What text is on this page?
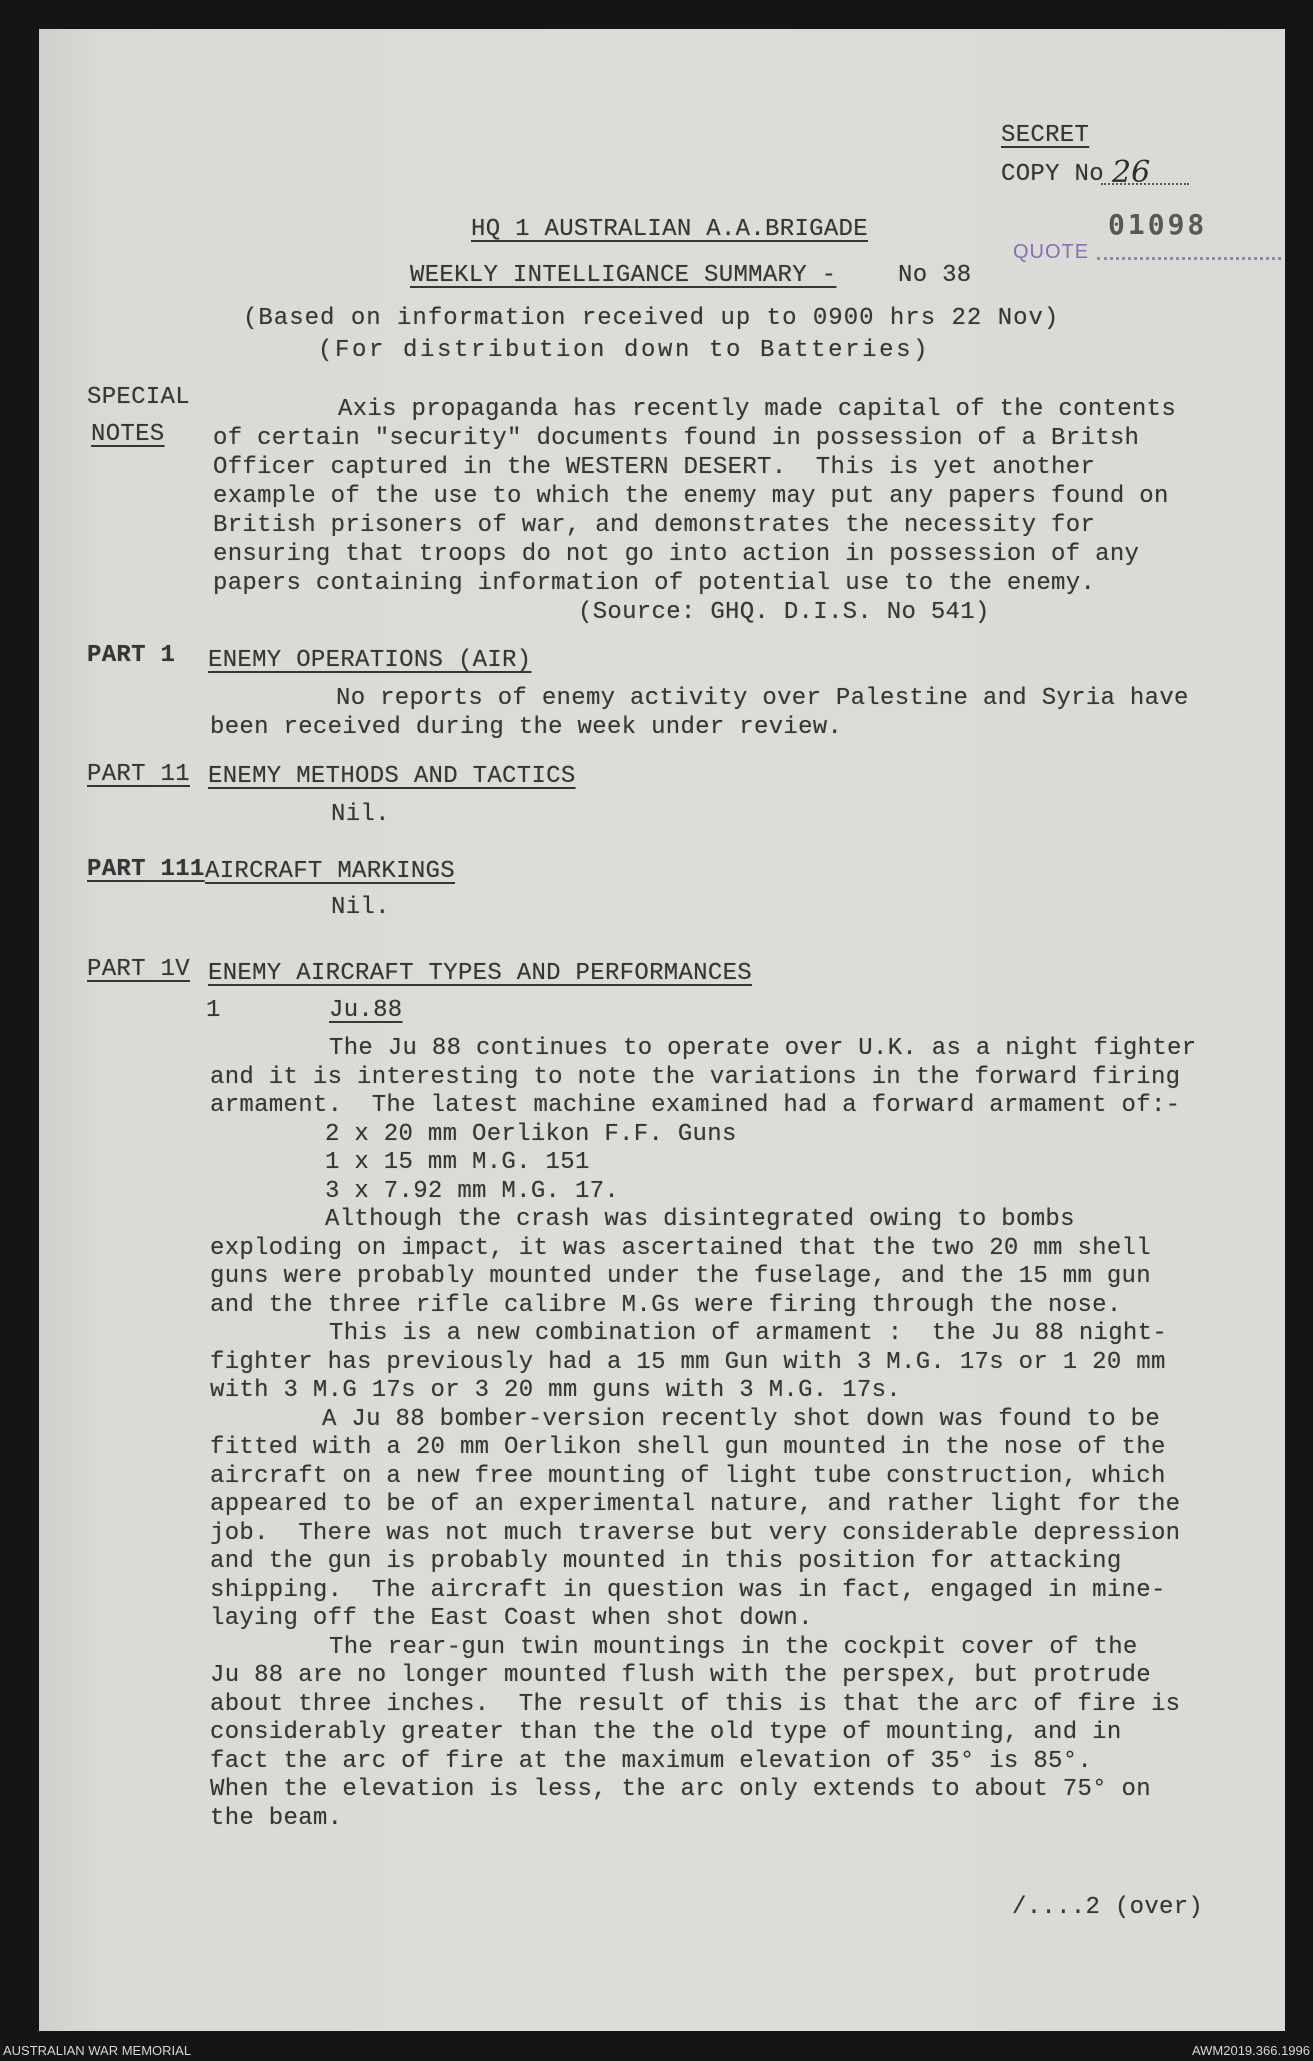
SECRET
COPY No 26
01098
QUOTE
HQ 1 AUSTRALIAN A.A.BRIGADE
WEEKLY INTELLIGANCE SUMMARY -	No 38
(Based on information received up to 0900 hrs 22 Nov)
(For distribution down to Batteries)
SPECIAL
NOTES
Axis propaganda has recently made capital of the contents
of certain "security" documents found in possession of a Britsh
Officer captured in the WESTERN DESERT.  This is yet another
example of the use to which the enemy may put any papers found on
British prisoners of war, and demonstrates the necessity for
ensuring that troops do not go into action in possession of any
papers containing information of potential use to the enemy.
(Source: GHQ. D.I.S. No 541)
PART 1 ENEMY OPERATIONS (AIR)
No reports of enemy activity over Palestine and Syria have
been received during the week under review.
PART 11 ENEMY METHODS AND TACTICS
Nil.
PART 111 AIRCRAFT MARKINGS
Nil.
PART 1V ENEMY AIRCRAFT TYPES AND PERFORMANCES
1	Ju.88
The Ju 88 continues to operate over U.K. as a night fighter
and it is interesting to note the variations in the forward firing
armament.  The latest machine examined had a forward armament of:-
2 x 20 mm Oerlikon F.F. Guns
1 x 15 mm M.G. 151
3 x 7.92 mm M.G. 17.
Although the crash was disintegrated owing to bombs
exploding on impact, it was ascertained that the two 20 mm shell
guns were probably mounted under the fuselage, and the 15 mm gun
and the three rifle calibre M.Gs were firing through the nose.
This is a new combination of armament :  the Ju 88 night-
fighter has previously had a 15 mm Gun with 3 M.G. 17s or 1 20 mm
with 3 M.G 17s or 3 20 mm guns with 3 M.G. 17s.
A Ju 88 bomber-version recently shot down was found to be
fitted with a 20 mm Oerlikon shell gun mounted in the nose of the
aircraft on a new free mounting of light tube construction, which
appeared to be of an experimental nature, and rather light for the
job.  There was not much traverse but very considerable depression
and the gun is probably mounted in this position for attacking
shipping.  The aircraft in question was in fact, engaged in mine-
laying off the East Coast when shot down.
The rear-gun twin mountings in the cockpit cover of the
Ju 88 are no longer mounted flush with the perspex, but protrude
about three inches.  The result of this is that the arc of fire is
considerably greater than the the old type of mounting, and in
fact the arc of fire at the maximum elevation of 35° is 85°.
When the elevation is less, the arc only extends to about 75° on
the beam.
/....2 (over)
AUSTRALIAN WAR MEMORIAL	AWM2019.366.1996
